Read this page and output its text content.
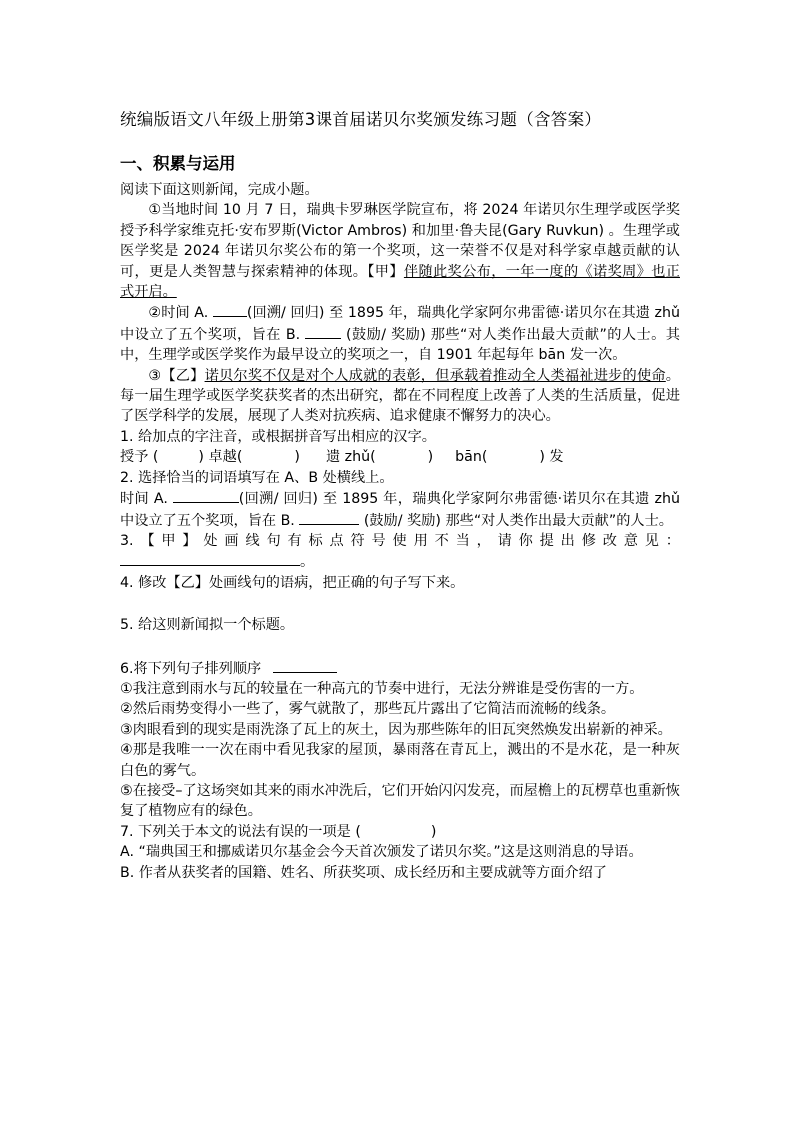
统编版语文八年级上册第3课首届诺贝尔奖颁发练习题（含答案）
一、积累与运用

阅读下面这则新闻，完成小题。

①当地时间 10 月 7 日，瑞典卡罗琳医学院宣布，将 2024 年诺贝尔生理学或医学奖授予科学家维克托·安布罗斯(Victor Ambros) 和加里·鲁夫昆(Gary Ruvkun) 。生理学或医学奖是 2024 年诺贝尔奖公布的第一个奖项，这一荣誉不仅是对科学家卓越贡献的认可，更是人类智慧与探索精神的体现。【甲】伴随此奖公布，一年一度的《诺奖周》也正式开启。

②时间 A. (回溯/ 回归) 至 1895 年，瑞典化学家阿尔弗雷德·诺贝尔在其遗 zhǔ 中设立了五个奖项，旨在 B.	(鼓励/ 奖励) 那些“对人类作出最大贡献”的人士。其中，生理学或医学奖作为最早设立的奖项之一，自 1901 年起每年 bān 发一次。

③【乙】诺贝尔奖不仅是对个人成就的表彰，但承载着推动全人类福祉进步的使命。每一届生理学或医学奖获奖者的杰出研究，都在不同程度上改善了人类的生活质量，促进了医学科学的发展，展现了人类对抗疾病、追求健康不懈努力的决心。

1. 给加点的字注音，或根据拼音写出相应的汉字。

授予 (	) 卓越(	) 遗 zhǔ(	) bān(	) 发

2. 选择恰当的词语填写在 A、B 处横线上。

时间 A.	(回溯/ 回归) 至 1895 年，瑞典化学家阿尔弗雷德·诺贝尔在其遗 zhǔ 中设立了五个奖项，旨在 B.	(鼓励/ 奖励) 那些“对人类作出最大贡献”的人士。

3. 【 甲 】 处 画 线 句 有 标 点 符 号 使 用 不 当 ， 请 你 提 出 修 改 意 见 ：

。

4. 修改【乙】处画线句的语病，把正确的句子写下来。

5. 给这则新闻拟一个标题。

6.将下列句子排列顺序

①我注意到雨水与瓦的较量在一种高亢的节奏中进行，无法分辨谁是受伤害的一方。

②然后雨势变得小一些了，雾气就散了，那些瓦片露出了它简洁而流畅的线条。

③肉眼看到的现实是雨洗涤了瓦上的灰土，因为那些陈年的旧瓦突然焕发出崭新的神采。

④那是我唯一一次在雨中看见我家的屋顶，暴雨落在青瓦上，溅出的不是水花，是一种灰白色的雾气。

⑤在接受–了这场突如其来的雨水冲洗后，它们开始闪闪发亮，而屋檐上的瓦楞草也重新恢复了植物应有的绿色。

7. 下列关于本文的说法有误的一项是 (	)

A. “瑞典国王和挪威诺贝尔基金会今天首次颁发了诺贝尔奖。”这是这则消息的导语。

B. 作者从获奖者的国籍、姓名、所获奖项、成长经历和主要成就等方面介绍了
